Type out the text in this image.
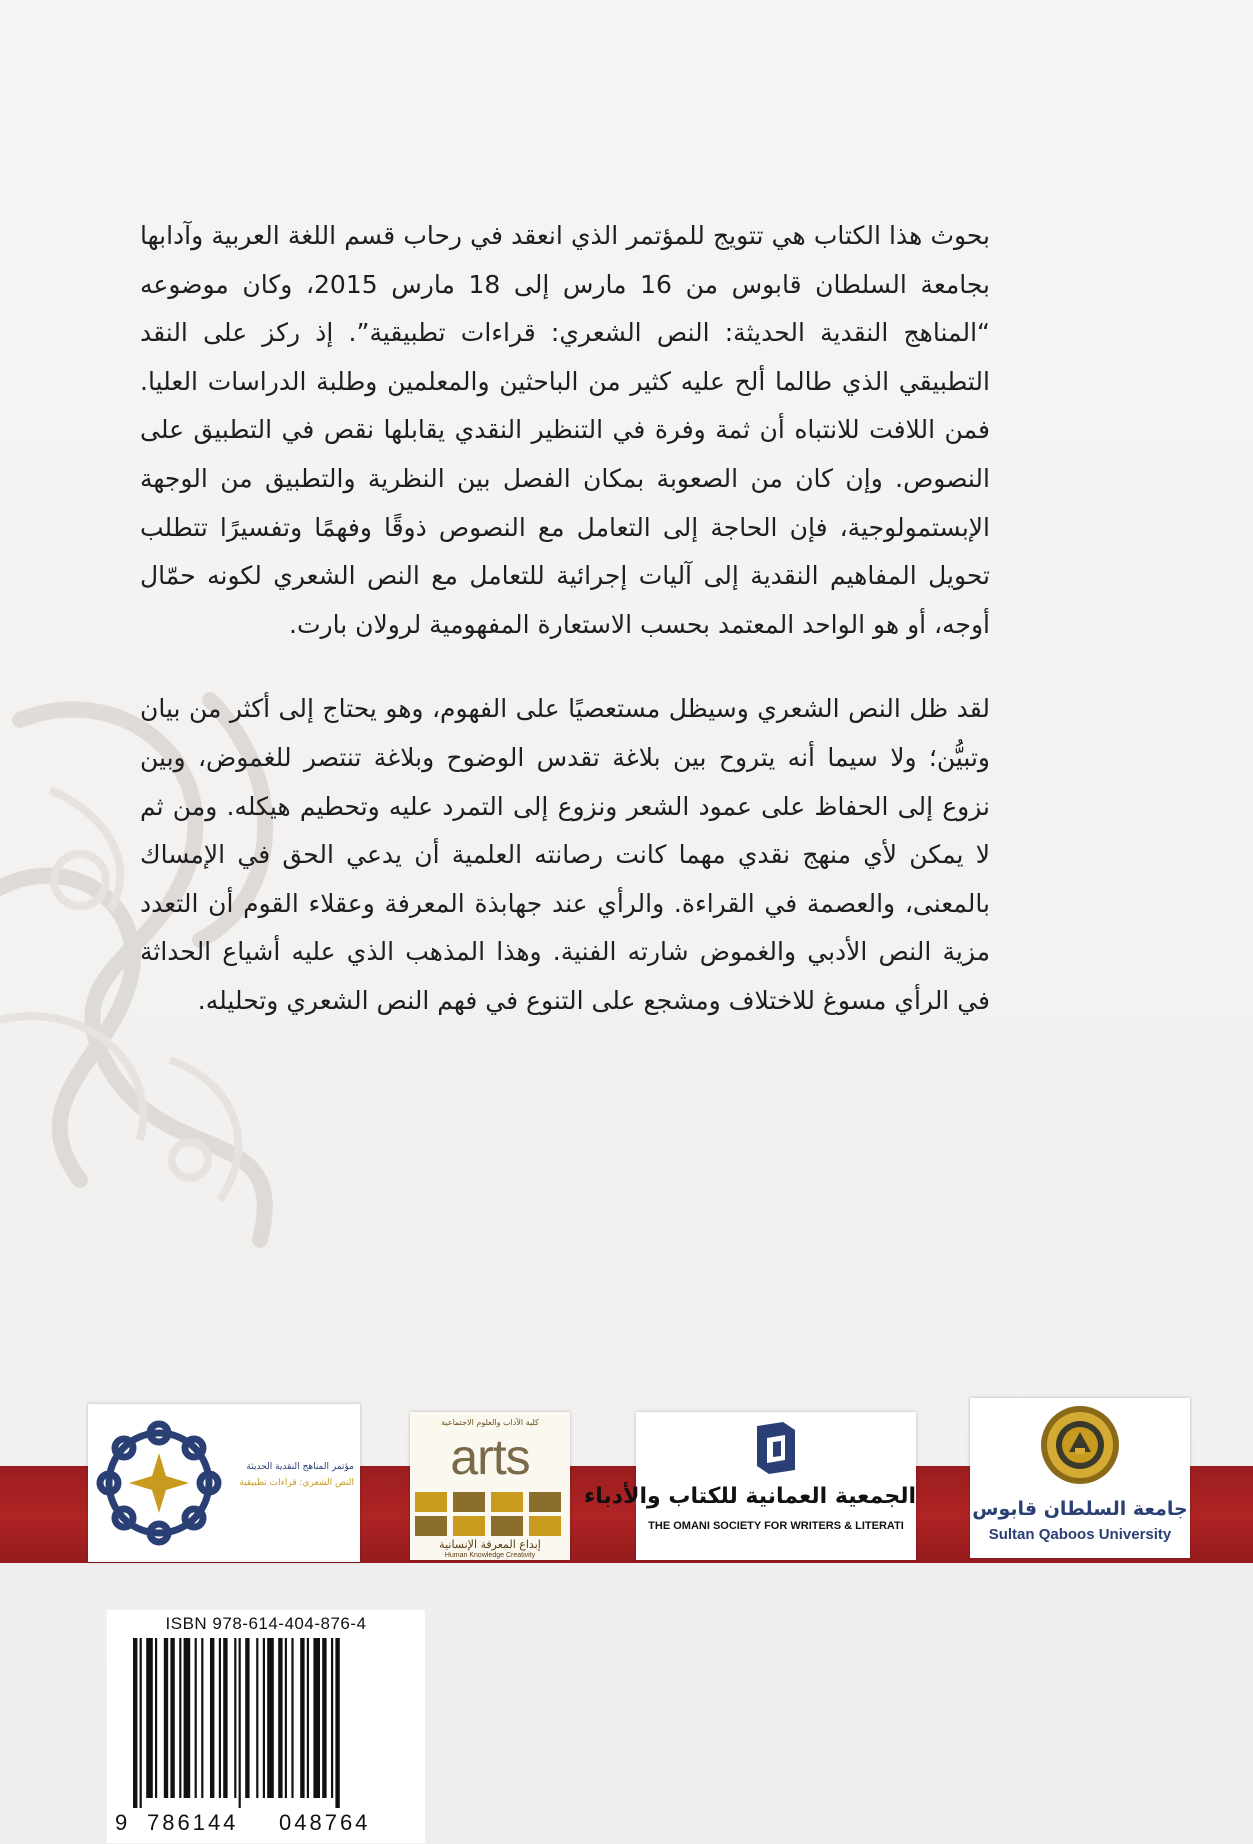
بحوث هذا الكتاب هي تتويج للمؤتمر الذي انعقد في رحاب قسم اللغة العربية وآدابها بجامعة السلطان قابوس من 16 مارس إلى 18 مارس 2015، وكان موضوعه “المناهج النقدية الحديثة: النص الشعري: قراءات تطبيقية”. إذ ركز على النقد التطبيقي الذي طالما ألح عليه كثير من الباحثين والمعلمين وطلبة الدراسات العليا. فمن اللافت للانتباه أن ثمة وفرة في التنظير النقدي يقابلها نقص في التطبيق على النصوص. وإن كان من الصعوبة بمكان الفصل بين النظرية والتطبيق من الوجهة الإبستمولوجية، فإن الحاجة إلى التعامل مع النصوص ذوقًا وفهمًا وتفسيرًا تتطلب تحويل المفاهيم النقدية إلى آليات إجرائية للتعامل مع النص الشعري لكونه حمّال أوجه، أو هو الواحد المعتمد بحسب الاستعارة المفهومية لرولان بارت.

لقد ظل النص الشعري وسيظل مستعصيًا على الفهوم، وهو يحتاج إلى أكثر من بيان وتبيُّن؛ ولا سيما أنه يتروح بين بلاغة تقدس الوضوح وبلاغة تنتصر للغموض، وبين نزوع إلى الحفاظ على عمود الشعر ونزوع إلى التمرد عليه وتحطيم هيكله. ومن ثم لا يمكن لأي منهج نقدي مهما كانت رصانته العلمية أن يدعي الحق في الإمساك بالمعنى، والعصمة في القراءة. والرأي عند جهابذة المعرفة وعقلاء القوم أن التعدد مزية النص الأدبي والغموض شارته الفنية. وهذا المذهب الذي عليه أشياع الحداثة في الرأي مسوغ للاختلاف ومشجع على التنوع في فهم النص الشعري وتحليله.

مؤتمر المناهج النقدية الحديثة
النص الشعري: قراءات تطبيقية
كلية الآداب والعلوم الاجتماعية
arts
إبداع المعرفة الإنسانية
Human Knowledge Creativity
الجمعية العمانية للكتاب والأدباء
THE OMANI SOCIETY FOR WRITERS & LITERATI
جامعة السلطان قابوس
Sultan Qaboos University
ISBN 978-614-404-876-4
9 786144 048764
